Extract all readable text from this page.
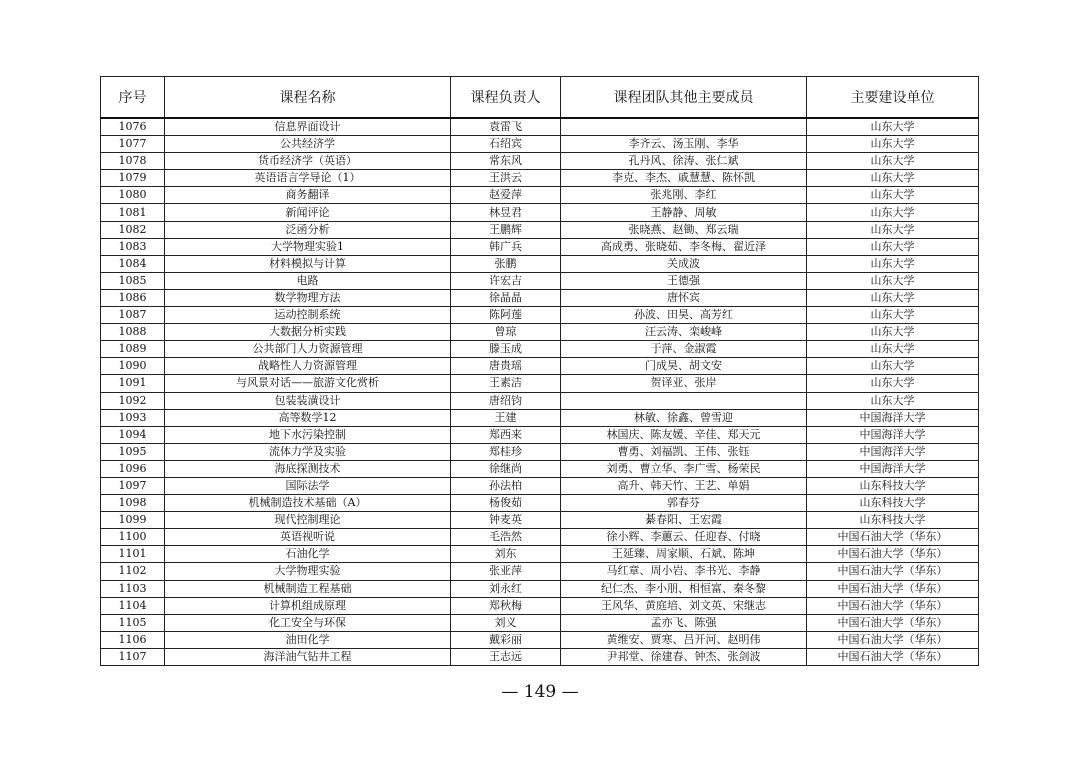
序号	课程名称	课程负责人	课程团队其他主要成员	主要建设单位
1076	信息界面设计	袁雷飞		山东大学
1077	公共经济学	石绍宾	李齐云、汤玉刚、李华	山东大学
1078	货币经济学（英语）	常东风	孔丹风、徐涛、张仁斌	山东大学
1079	英语语言学导论（1）	王洪云	李克、李杰、戚慧慧、陈怀凯	山东大学
1080	商务翻译	赵爱萍	张兆刚、李红	山东大学
1081	新闻评论	林昱君	王静静、周敏	山东大学
1082	泛函分析	王鹏辉	张晓燕、赵锄、郑云瑞	山东大学
1083	大学物理实验1	韩广兵	高成勇、张晓茹、李冬梅、翟近泽	山东大学
1084	材料模拟与计算	张鹏	关成波	山东大学
1085	电路	许宏吉	王德强	山东大学
1086	数学物理方法	徐晶晶	唐怀宾	山东大学
1087	运动控制系统	陈阿莲	孙波、田昊、高芳红	山东大学
1088	大数据分析实践	曾琼	汪云涛、栾峻峰	山东大学
1089	公共部门人力资源管理	滕玉成	于萍、金淑霞	山东大学
1090	战略性人力资源管理	唐贵瑶	门成昊、胡文安	山东大学
1091	与风景对话——旅游文化赏析	王素洁	贺译亚、张岸	山东大学
1092	包装装潢设计	唐绍钧		山东大学
1093	高等数学12	王建	林敏、徐鑫、曾雪迎	中国海洋大学
1094	地下水污染控制	郑西来	林国庆、陈友媛、辛佳、郑天元	中国海洋大学
1095	流体力学及实验	郑桂珍	曹勇、刘福凯、王伟、张钰	中国海洋大学
1096	海底探测技术	徐继尚	刘勇、曹立华、李广雪、杨荣民	中国海洋大学
1097	国际法学	孙法柏	高升、韩天竹、王艺、单娟	山东科技大学
1098	机械制造技术基础（A）	杨俊茹	郭春芬	山东科技大学
1099	现代控制理论	钟麦英	綦春阳、王宏霞	山东科技大学
1100	英语视听说	毛浩然	徐小辉、李蕙云、任迎春、付晓	中国石油大学（华东）
1101	石油化学	刘东	王延臻、周家顺、石斌、陈坤	中国石油大学（华东）
1102	大学物理实验	张亚萍	马红章、周小岩、李书光、李静	中国石油大学（华东）
1103	机械制造工程基础	刘永红	纪仁杰、李小朋、相恒富、秦冬黎	中国石油大学（华东）
1104	计算机组成原理	郑秋梅	王风华、黄庭培、刘文英、宋继志	中国石油大学（华东）
1105	化工安全与环保	刘义	孟亦飞、陈强	中国石油大学（华东）
1106	油田化学	戴彩丽	黄维安、贾寒、吕开河、赵明伟	中国石油大学（华东）
1107	海洋油气钻井工程	王志远	尹邦堂、徐建春、钟杰、张剑波	中国石油大学（华东）
— 149 —
